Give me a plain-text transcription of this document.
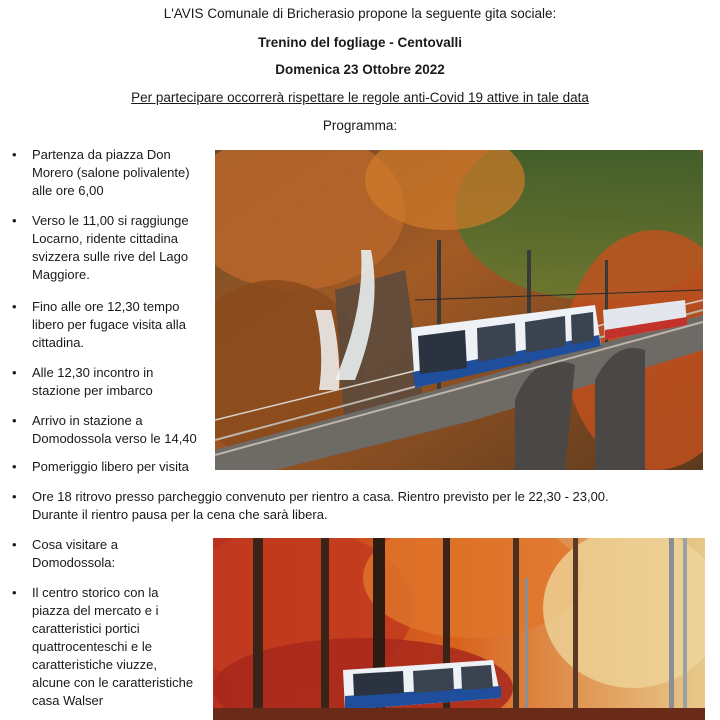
L'AVIS Comunale di Bricherasio propone la seguente gita sociale:
Trenino del fogliage - Centovalli
Domenica 23 Ottobre 2022
Per partecipare occorrerà rispettare le regole anti-Covid 19 attive in tale data
Programma:
• Partenza da piazza Don
Morero (salone polivalente)
alle ore 6,00
• Verso le 11,00 si raggiunge
Locarno, ridente cittadina
svizzera sulle rive del Lago
Maggiore.
• Fino alle ore 12,30 tempo
libero per fugace visita alla
cittadina.
• Alle 12,30 incontro in
stazione per imbarco
• Arrivo in stazione a
Domodossola verso le 14,40
• Pomeriggio libero per visita
• Ore 18 ritrovo presso parcheggio convenuto per rientro a casa. Rientro previsto per le 22,30 - 23,00.
Durante il rientro pausa per la cena che sarà libera.
• Cosa visitare a
Domodossola:
• Il centro storico con la
piazza del mercato e i
caratteristici portici
quattrocenteschi e le
caratteristiche viuzze,
alcune con le caratteristiche
casa Walser
